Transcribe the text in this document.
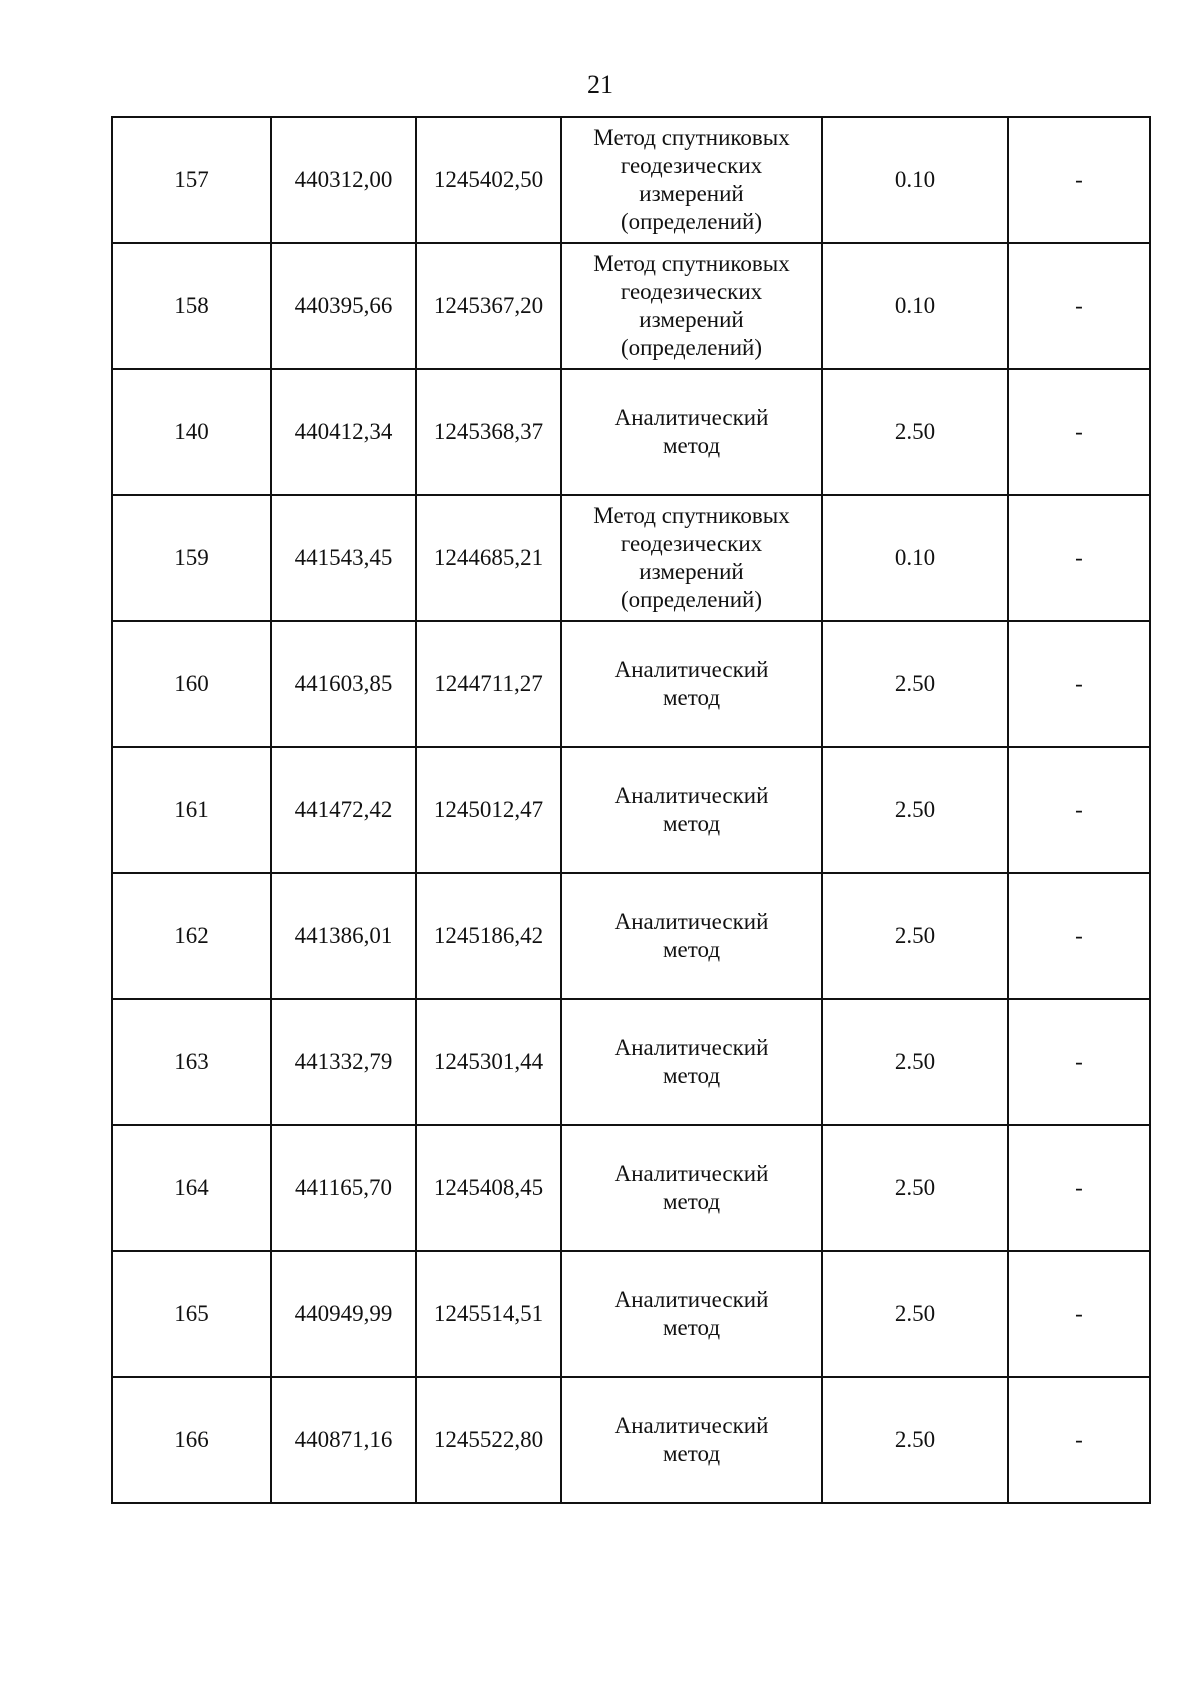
21
157	440312,00	1245402,50	Метод спутниковых
геодезических
измерений
(определений)	0.10	-
158	440395,66	1245367,20	Метод спутниковых
геодезических
измерений
(определений)	0.10	-
140	440412,34	1245368,37	Аналитический
метод	2.50	-
159	441543,45	1244685,21	Метод спутниковых
геодезических
измерений
(определений)	0.10	-
160	441603,85	1244711,27	Аналитический
метод	2.50	-
161	441472,42	1245012,47	Аналитический
метод	2.50	-
162	441386,01	1245186,42	Аналитический
метод	2.50	-
163	441332,79	1245301,44	Аналитический
метод	2.50	-
164	441165,70	1245408,45	Аналитический
метод	2.50	-
165	440949,99	1245514,51	Аналитический
метод	2.50	-
166	440871,16	1245522,80	Аналитический
метод	2.50	-
